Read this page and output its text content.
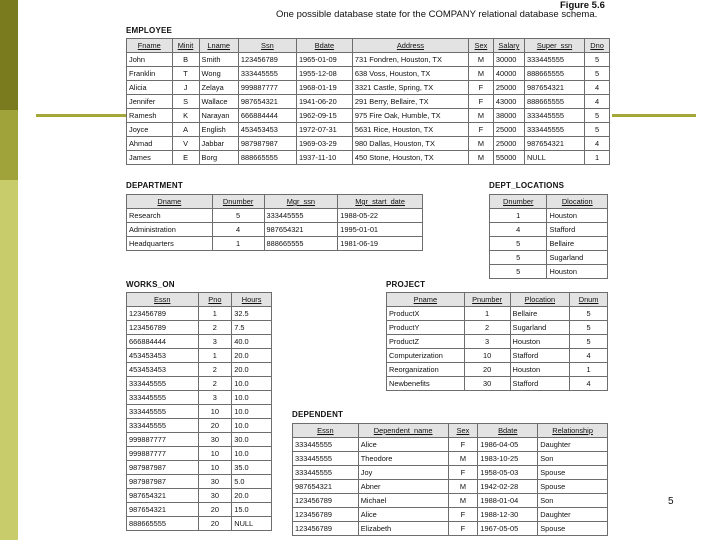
Figure 5.6
One possible database state for the COMPANY relational database schema.
EMPLOYEE
Fname	Minit	Lname	Ssn	Bdate	Address	Sex	Salary	Super_ssn	Dno
John	B	Smith	123456789	1965-01-09	731 Fondren, Houston, TX	M	30000	333445555	5
Franklin	T	Wong	333445555	1955-12-08	638 Voss, Houston, TX	M	40000	888665555	5
Alicia	J	Zelaya	999887777	1968-01-19	3321 Castle, Spring, TX	F	25000	987654321	4
Jennifer	S	Wallace	987654321	1941-06-20	291 Berry, Bellaire, TX	F	43000	888665555	4
Ramesh	K	Narayan	666884444	1962-09-15	975 Fire Oak, Humble, TX	M	38000	333445555	5
Joyce	A	English	453453453	1972-07-31	5631 Rice, Houston, TX	F	25000	333445555	5
Ahmad	V	Jabbar	987987987	1969-03-29	980 Dallas, Houston, TX	M	25000	987654321	4
James	E	Borg	888665555	1937-11-10	450 Stone, Houston, TX	M	55000	NULL	1
DEPARTMENT
Dname	Dnumber	Mgr_ssn	Mgr_start_date
Research	5	333445555	1988-05-22
Administration	4	987654321	1995-01-01
Headquarters	1	888665555	1981-06-19
DEPT_LOCATIONS
Dnumber	Dlocation
1	Houston
4	Stafford
5	Bellaire
5	Sugarland
5	Houston
WORKS_ON
Essn	Pno	Hours
123456789	1	32.5
123456789	2	7.5
666884444	3	40.0
453453453	1	20.0
453453453	2	20.0
333445555	2	10.0
333445555	3	10.0
333445555	10	10.0
333445555	20	10.0
999887777	30	30.0
999887777	10	10.0
987987987	10	35.0
987987987	30	5.0
987654321	30	20.0
987654321	20	15.0
888665555	20	NULL
PROJECT
Pname	Pnumber	Plocation	Dnum
ProductX	1	Bellaire	5
ProductY	2	Sugarland	5
ProductZ	3	Houston	5
Computerization	10	Stafford	4
Reorganization	20	Houston	1
Newbenefits	30	Stafford	4
DEPENDENT
Essn	Dependent_name	Sex	Bdate	Relationship
333445555	Alice	F	1986-04-05	Daughter
333445555	Theodore	M	1983-10-25	Son
333445555	Joy	F	1958-05-03	Spouse
987654321	Abner	M	1942-02-28	Spouse
123456789	Michael	M	1988-01-04	Son
123456789	Alice	F	1988-12-30	Daughter
123456789	Elizabeth	F	1967-05-05	Spouse
5
